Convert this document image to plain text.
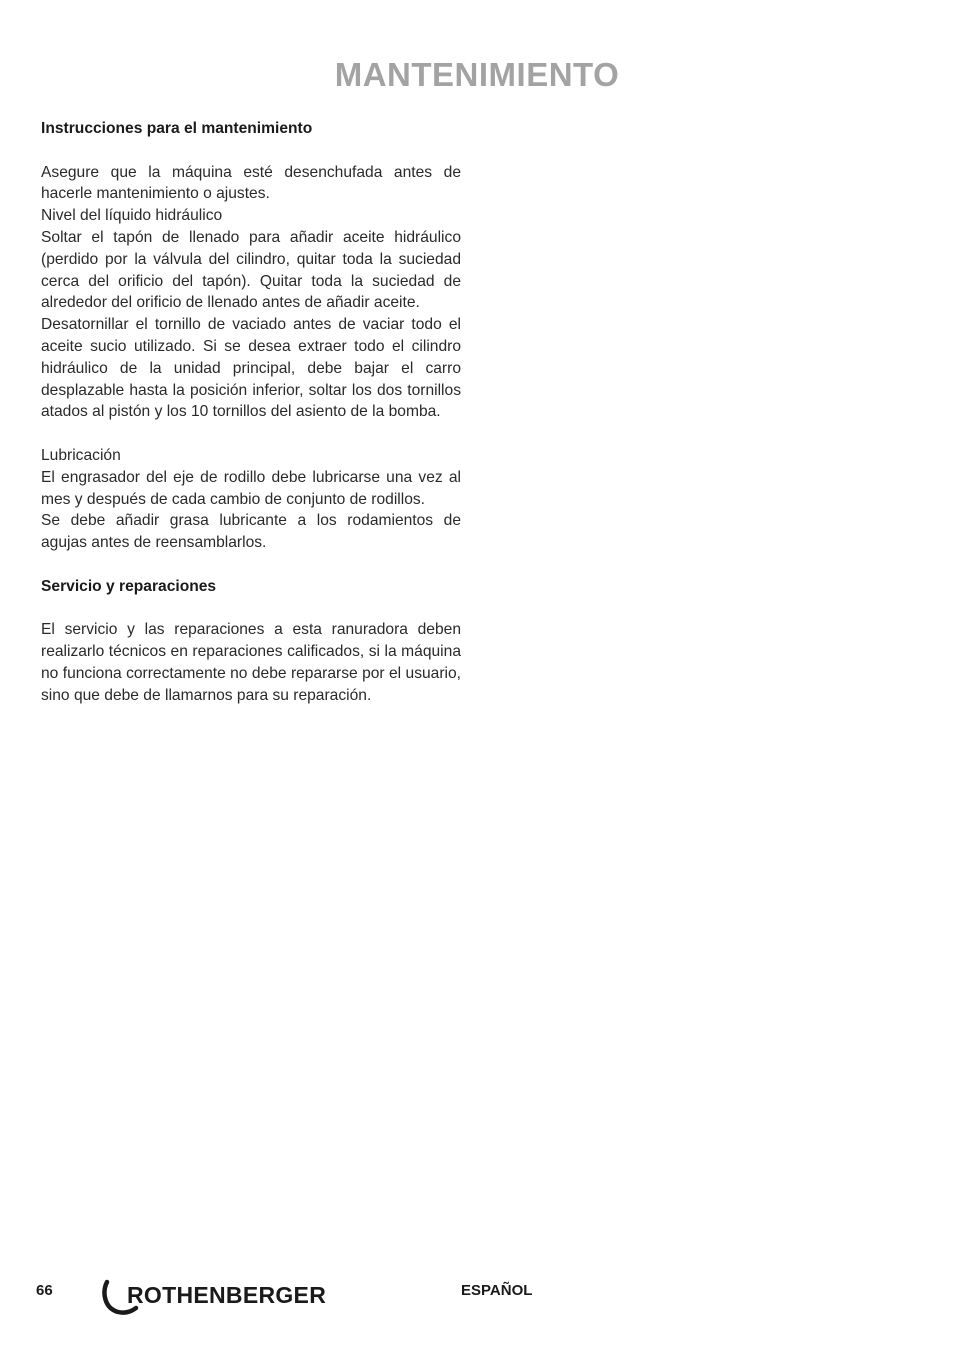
MANTENIMIENTO
Instrucciones para el mantenimiento

Asegure que la máquina esté desenchufada antes de hacerle mantenimiento o ajustes.

Nivel del líquido hidráulico

Soltar el tapón de llenado para añadir aceite hidráulico (perdido por la válvula del cilindro, quitar toda la suciedad cerca del orificio del tapón). Quitar toda la suciedad de alrededor del orificio de llenado antes de añadir aceite.

Desatornillar el tornillo de vaciado antes de vaciar todo el aceite sucio utilizado. Si se desea extraer todo el cilindro hidráulico de la unidad principal, debe bajar el carro desplazable hasta la posición inferior, soltar los dos tornillos atados al pistón y los 10 tornillos del asiento de la bomba.

Lubricación

El engrasador del eje de rodillo debe lubricarse una vez al mes y después de cada cambio de conjunto de rodillos.

Se debe añadir grasa lubricante a los rodamientos de agujas antes de reensamblarlos.

Servicio y reparaciones

El servicio y las reparaciones a esta ranuradora deben realizarlo técnicos en reparaciones calificados, si la máquina no funciona correctamente no debe repararse por el usuario, sino que debe de llamarnos para su reparación.

66	ROTHENBERGER	ESPAÑOL
